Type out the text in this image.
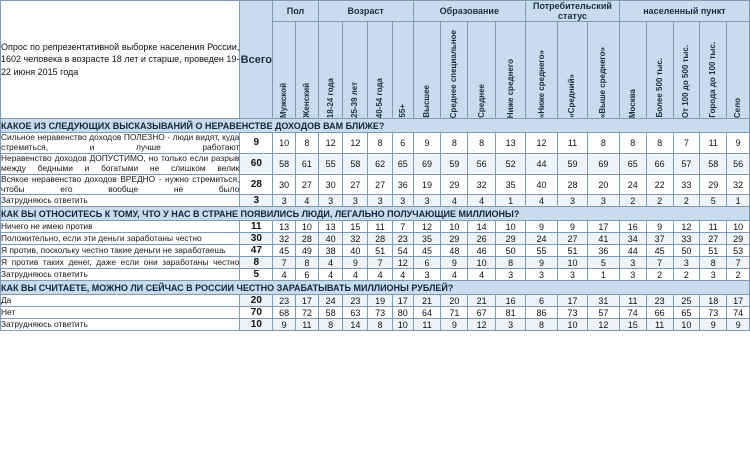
Опрос по репрезентативной выборке населения России, 1602 человека в возрасте 18 лет и старше, проведен 19-22 июня 2015 года	Всего	Пол		Возраст				Образование				Потребительский статус			населенный пункт				

		Мужской	Женский	18-24 года	25-39 лет	40-54 года	55+	Высшее	Среднее специальное	Среднее	Ниже среднего	«Ниже среднего»	«Средний»	«Выше среднего»	Москва	Более 500 тыс.	От 100 до 500 тыс.	Города до 100 тыс.	Село

КАКОЕ ИЗ СЛЕДУЮЩИХ ВЫСКАЗЫВАНИЙ О НЕРАВЕНСТВЕ ДОХОДОВ ВАМ БЛИЖЕ?																			
Сильное неравенство доходов ПОЛЕЗНО - люди видят, куда стремиться, и лучше работают	9	10	8	12	12	8	6	9	8	8	13	12	11	8	8	8	7	11	9
Неравенство доходов ДОПУСТИМО, но только если разрыв между бедными и богатыми не слишком велик	60	58	61	55	58	62	65	69	59	56	52	44	59	69	65	66	57	58	56
Всякое неравенство доходов ВРЕДНО - нужно стремиться, чтобы его вообще не было	28	30	27	30	27	27	36	19	29	32	35	40	28	20	24	22	33	29	32
Затрудняюсь ответить	3	3	4	3	3	3	3	3	4	4	1	4	3	3	2	2	2	5	1
КАК ВЫ ОТНОСИТЕСЬ К ТОМУ, ЧТО У НАС В СТРАНЕ ПОЯВИЛИСЬ ЛЮДИ, ЛЕГАЛЬНО ПОЛУЧАЮЩИЕ МИЛЛИОНЫ?																			
Ничего не имею против	11	13	10	13	15	11	7	12	10	14	10	9	9	17	16	9	12	11	10
Положительно, если эти деньги заработаны честно	30	32	28	40	32	28	23	35	29	26	29	24	27	41	34	37	33	27	29
Я против, поскольку честно такие деньги не заработаешь	47	45	49	38	40	51	54	45	48	46	50	55	51	36	44	45	50	51	53
Я против таких денег, даже если они заработаны честно	8	7	8	4	9	7	12	6	9	10	8	9	10	5	3	7	3	8	7
Затрудняюсь ответить	5	4	6	4	4	4	4	3	4	4	3	3	3	1	3	2	2	3	2
КАК ВЫ СЧИТАЕТЕ, МОЖНО ЛИ СЕЙЧАС В РОССИИ ЧЕСТНО ЗАРАБАТЫВАТЬ МИЛЛИОНЫ РУБЛЕЙ?																			
Да	20	23	17	24	23	19	17	21	20	21	16	6	17	31	11	23	25	18	17
Нет	70	68	72	58	63	73	80	64	71	67	81	86	73	57	74	66	65	73	74
Затрудняюсь ответить	10	9	11	8	14	8	10	11	9	12	3	8	10	12	15	11	10	9	9
